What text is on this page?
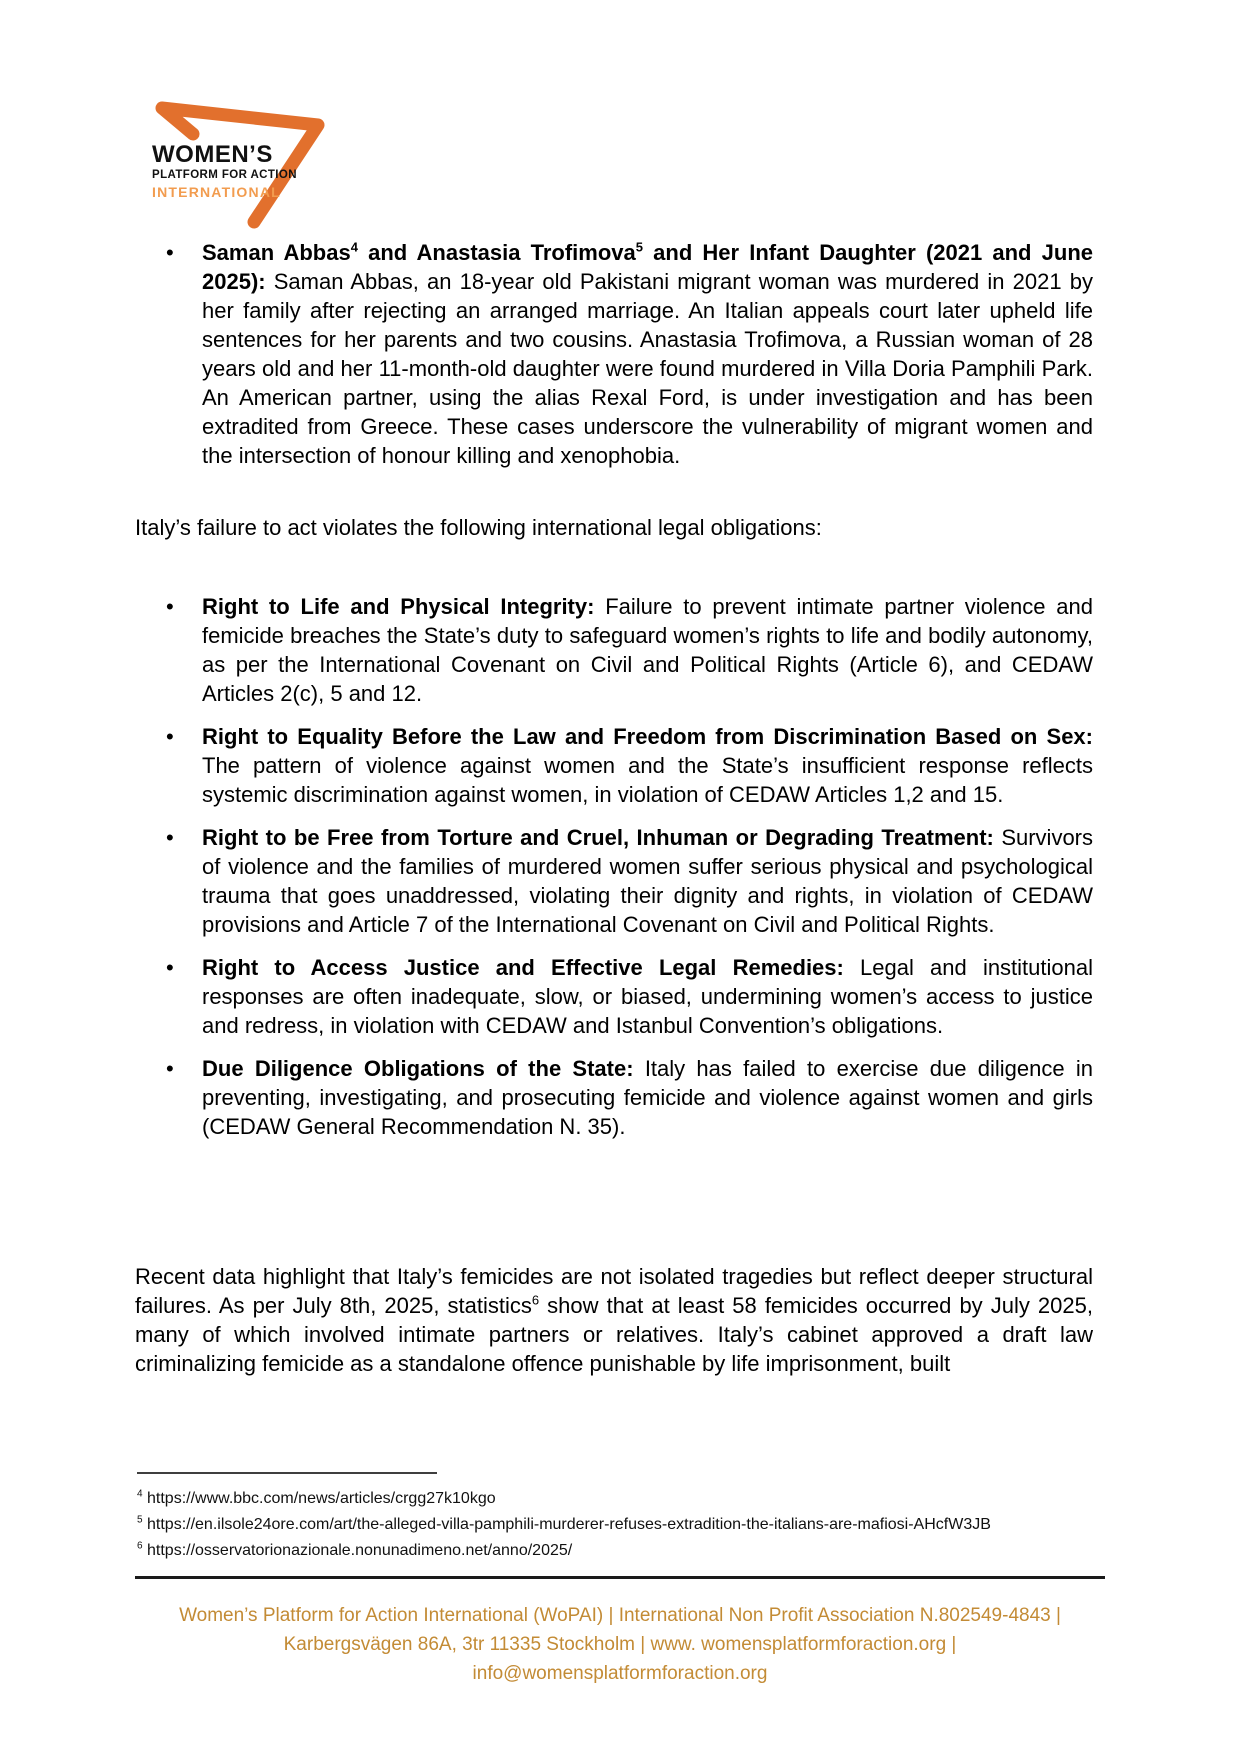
WOMEN’S
PLATFORM FOR ACTION
INTERNATIONAL
• Saman Abbas$^4$ and Anastasia Trofimova$^5$ and Her Infant Daughter (2021 and June 2025): Saman Abbas, an 18-year old Pakistani migrant woman was murdered in 2021 by her family after rejecting an arranged marriage. An Italian appeals court later upheld life sentences for her parents and two cousins. Anastasia Trofimova, a Russian woman of 28 years old and her 11-month-old daughter were found murdered in Villa Doria Pamphili Park. An American partner, using the alias Rexal Ford, is under investigation and has been extradited from Greece. These cases underscore the vulnerability of migrant women and the intersection of honour killing and xenophobia.
Italy’s failure to act violates the following international legal obligations:
• Right to Life and Physical Integrity: Failure to prevent intimate partner violence and femicide breaches the State’s duty to safeguard women’s rights to life and bodily autonomy, as per the International Covenant on Civil and Political Rights (Article 6), and CEDAW Articles 2(c), 5 and 12.
• Right to Equality Before the Law and Freedom from Discrimination Based on Sex: The pattern of violence against women and the State’s insufficient response reflects systemic discrimination against women, in violation of CEDAW Articles 1,2 and 15.
• Right to be Free from Torture and Cruel, Inhuman or Degrading Treatment: Survivors of violence and the families of murdered women suffer serious physical and psychological trauma that goes unaddressed, violating their dignity and rights, in violation of CEDAW provisions and Article 7 of the International Covenant on Civil and Political Rights.
• Right to Access Justice and Effective Legal Remedies: Legal and institutional responses are often inadequate, slow, or biased, undermining women’s access to justice and redress, in violation with CEDAW and Istanbul Convention’s obligations.
• Due Diligence Obligations of the State: Italy has failed to exercise due diligence in preventing, investigating, and prosecuting femicide and violence against women and girls (CEDAW General Recommendation N. 35).
Recent data highlight that Italy’s femicides are not isolated tragedies but reflect deeper structural failures. As per July 8th, 2025, statistics$^6$ show that at least 58 femicides occurred by July 2025, many of which involved intimate partners or relatives. Italy’s cabinet approved a draft law criminalizing femicide as a standalone offence punishable by life imprisonment, built
$^4$ https://www.bbc.com/news/articles/crgg27k10kgo
$^5$ https://en.ilsole24ore.com/art/the-alleged-villa-pamphili-murderer-refuses-extradition-the-italians-are-mafiosi-AHcfW3JB
$^6$ https://osservatorionazionale.nonunadimeno.net/anno/2025/
Women’s Platform for Action International (WoPAI) | International Non Profit Association N.802549-4843 |
Karbergsvägen 86A, 3tr 11335 Stockholm | www. womensplatformforaction.org | info@womensplatformforaction.org
